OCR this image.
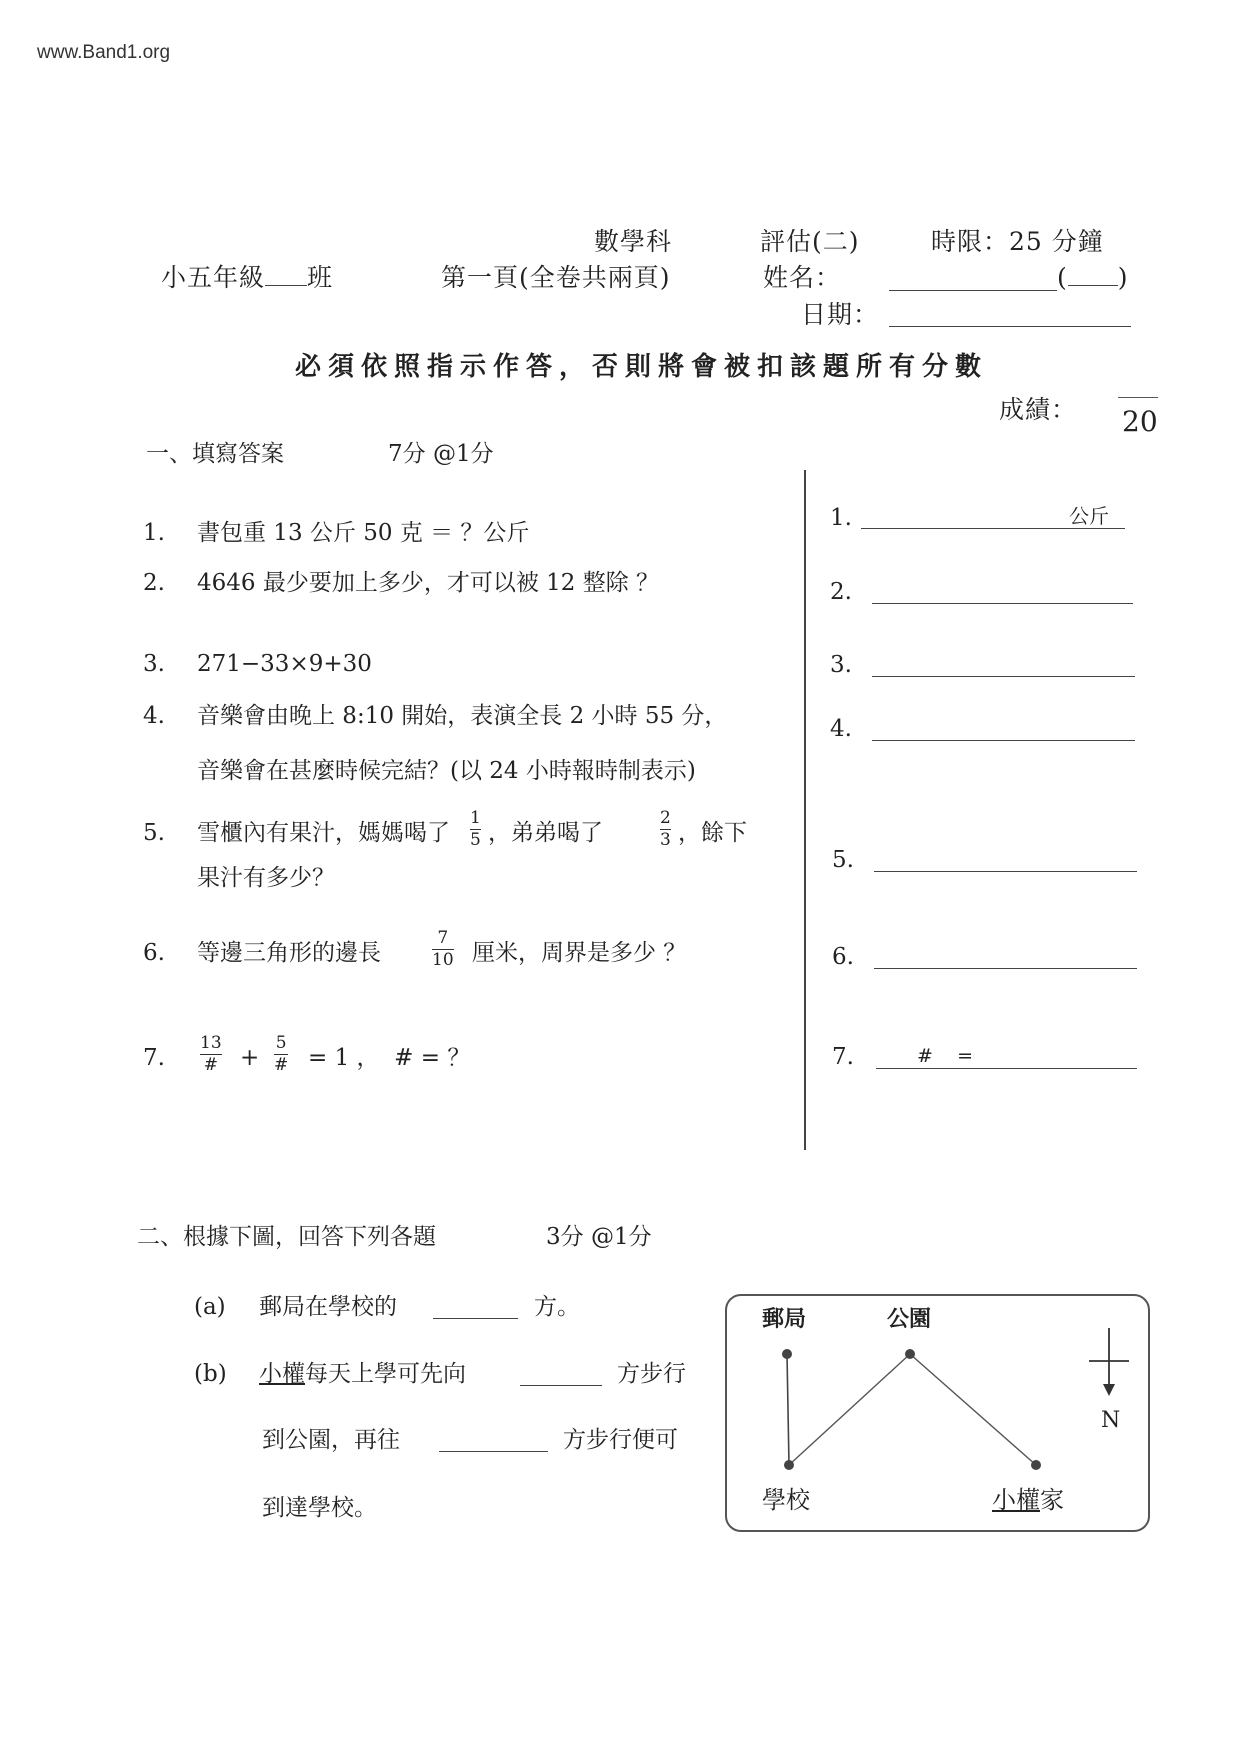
www.Band1.org
數學科	評估(二)	時限：25 分鐘
小五年級 班	第一頁(全卷共兩頁)	姓名：	( )
日期：
必須依照指示作答，否則將會被扣該題所有分數
成績： 20
一、填寫答案	7分 @1分
1. 書包重 13 公斤 50 克 ＝ ？公斤
2. 4646 最少要加上多少，才可以被 12 整除 ？
3. 271−33×9+30
4. 音樂會由晚上 8:10 開始，表演全長 2 小時 55 分，
音樂會在甚麼時候完結？(以 24 小時報時制表示)
5. 雪櫃內有果汁，媽媽喝了
1
5 ，弟弟喝了
2
3 ，餘下
果汁有多少？
6. 等邊三角形的邊長
7
10 厘米，周界是多少 ？
7.
13
# +
5
# = 1 ，  # = ？
1.	公斤
2.
3.
4.
5.
6.
7.	#    =
二、根據下圖，回答下列各題	3分 @1分
(a) 郵局在學校的	方。
(b) 小權每天上學可先向	方步行
到公園，再往	方步行便可
到達學校。
郵局	公園
學校	小權家
N
